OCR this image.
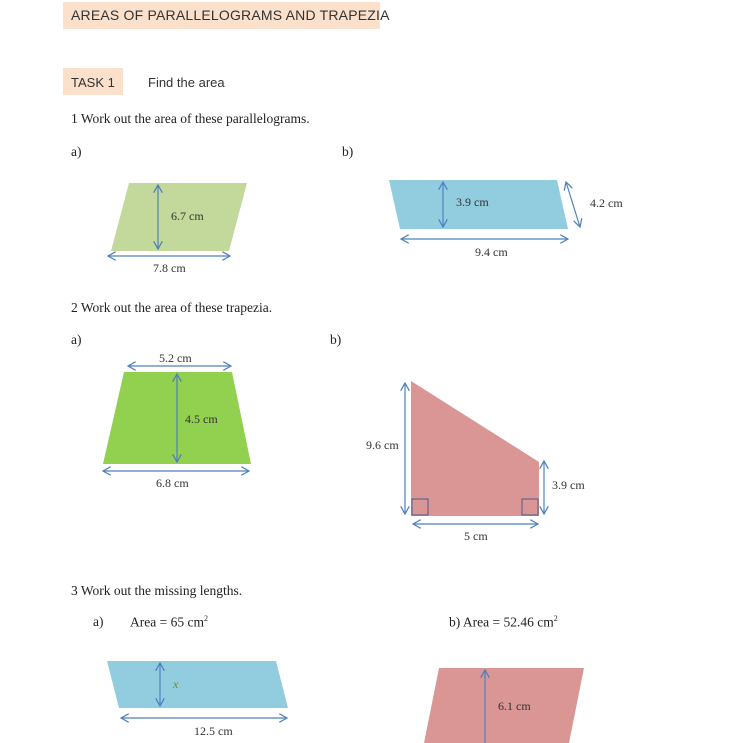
AREAS OF PARALLELOGRAMS AND TRAPEZIA
TASK 1	Find the area
1 Work out the area of these parallelograms.
a)	b)
2 Work out the area of these trapezia.
a)	b)
3 Work out the missing lengths.
a) Area = 65 $cm^2$	b) Area = 52.46 $cm^2$
6.7 cm
7.8 cm
3.9 cm	4.2 cm
9.4 cm
5.2 cm
4.5 cm
6.8 cm
9.6 cm
3.9 cm
5 cm
x
12.5 cm
6.1 cm
